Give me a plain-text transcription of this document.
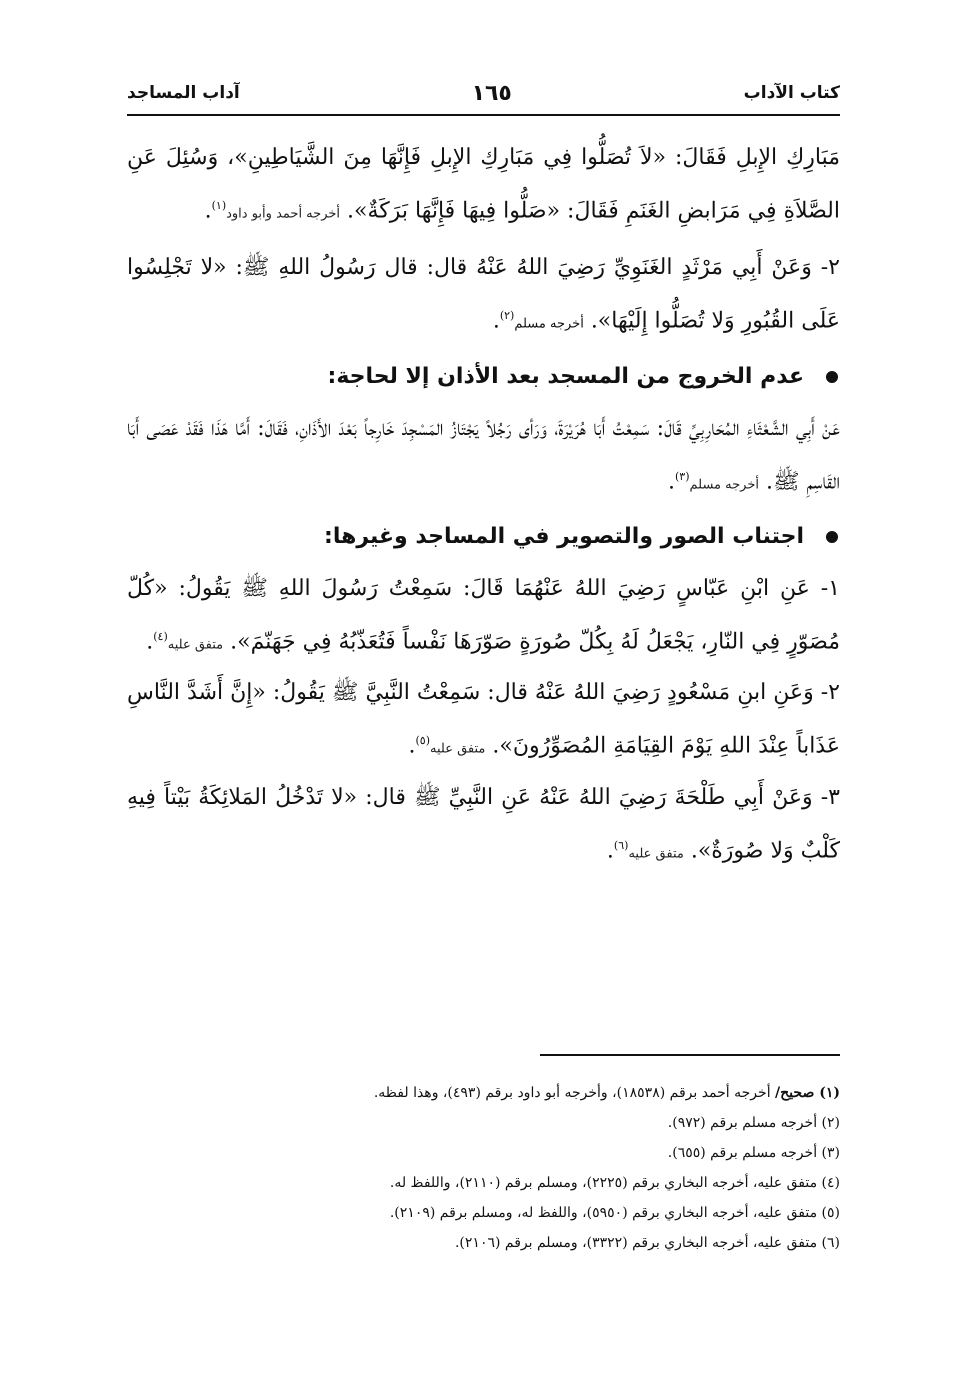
كتاب الآداب
١٦٥
آداب المساجد

مَبَارِكِ الإِبلِ فَقَالَ: «لاَ تُصَلُّوا فِي مَبَارِكِ الإِبلِ فَإِنَّهَا مِنَ الشَّيَاطِينِ»، وَسُئِلَ عَنِ الصَّلاَةِ فِي مَرَابضِ الغَنَمِ فَقَالَ: «صَلُّوا فِيهَا فَإِنَّهَا بَرَكَةٌ». أخرجه أحمد وأبو داود$^{(١)}$.

٢- وَعَنْ أَبِي مَرْثَدٍ الغَنَوِيِّ رَضِيَ اللهُ عَنْهُ قال: قال رَسُولُ اللهِ ﷺ: «لا تَجْلِسُوا عَلَى القُبُورِ وَلا تُصَلُّوا إِلَيْهَا». أخرجه مسلم$^{(٢)}$.

عدم الخروج من المسجد بعد الأذان إلا لحاجة:

عَنْ أَبِي الشَّعْثَاءِ المُحَارِبِيِّ قَالَ: سَمِعْتُ أَبَا هُرَيْرَةَ، وَرَأى رَجُلاً يَجْتَازُ المَسْجِدَ خَارِجاً بَعْدَ الأَذَانِ، فَقَالَ: أَمَّا هَذَا فَقَدْ عَصَى أَبَا القَاسِمِ ﷺ. أخرجه مسلم$^{(٣)}$.

اجتناب الصور والتصوير في المساجد وغيرها:

١- عَنِ ابْنِ عَبّاسٍ رَضِيَ اللهُ عَنْهُمَا قَالَ: سَمِعْتُ رَسُولَ اللهِ ﷺ يَقُولُ: «كُلّ مُصَوّرٍ فِي النّارِ، يَجْعَلُ لَهُ بِكُلّ صُورَةٍ صَوّرَهَا نَفْساً فَتُعَذّبُهُ فِي جَهَنّمَ». متفق عليه$^{(٤)}$.

٢- وَعَنِ ابنِ مَسْعُودٍ رَضِيَ اللهُ عَنْهُ قال: سَمِعْتُ النَّبِيَّ ﷺ يَقُولُ: «إِنَّ أَشَدَّ النَّاسِ عَذَاباً عِنْدَ اللهِ يَوْمَ القِيَامَةِ المُصَوِّرُونَ». متفق عليه$^{(٥)}$.

٣- وَعَنْ أَبِي طَلْحَةَ رَضِيَ اللهُ عَنْهُ عَنِ النَّبِيِّ ﷺ قال: «لا تَدْخُلُ المَلائِكَةُ بَيْتاً فِيهِ كَلْبٌ وَلا صُورَةٌ». متفق عليه$^{(٦)}$.

(١) صحيح/ أخرجه أحمد برقم (١٨٥٣٨)، وأخرجه أبو داود برقم (٤٩٣)، وهذا لفظه.

(٢) أخرجه مسلم برقم (٩٧٢).

(٣) أخرجه مسلم برقم (٦٥٥).

(٤) متفق عليه، أخرجه البخاري برقم (٢٢٢٥)، ومسلم برقم (٢١١٠)، واللفظ له.

(٥) متفق عليه، أخرجه البخاري برقم (٥٩٥٠)، واللفظ له، ومسلم برقم (٢١٠٩).

(٦) متفق عليه، أخرجه البخاري برقم (٣٣٢٢)، ومسلم برقم (٢١٠٦).
